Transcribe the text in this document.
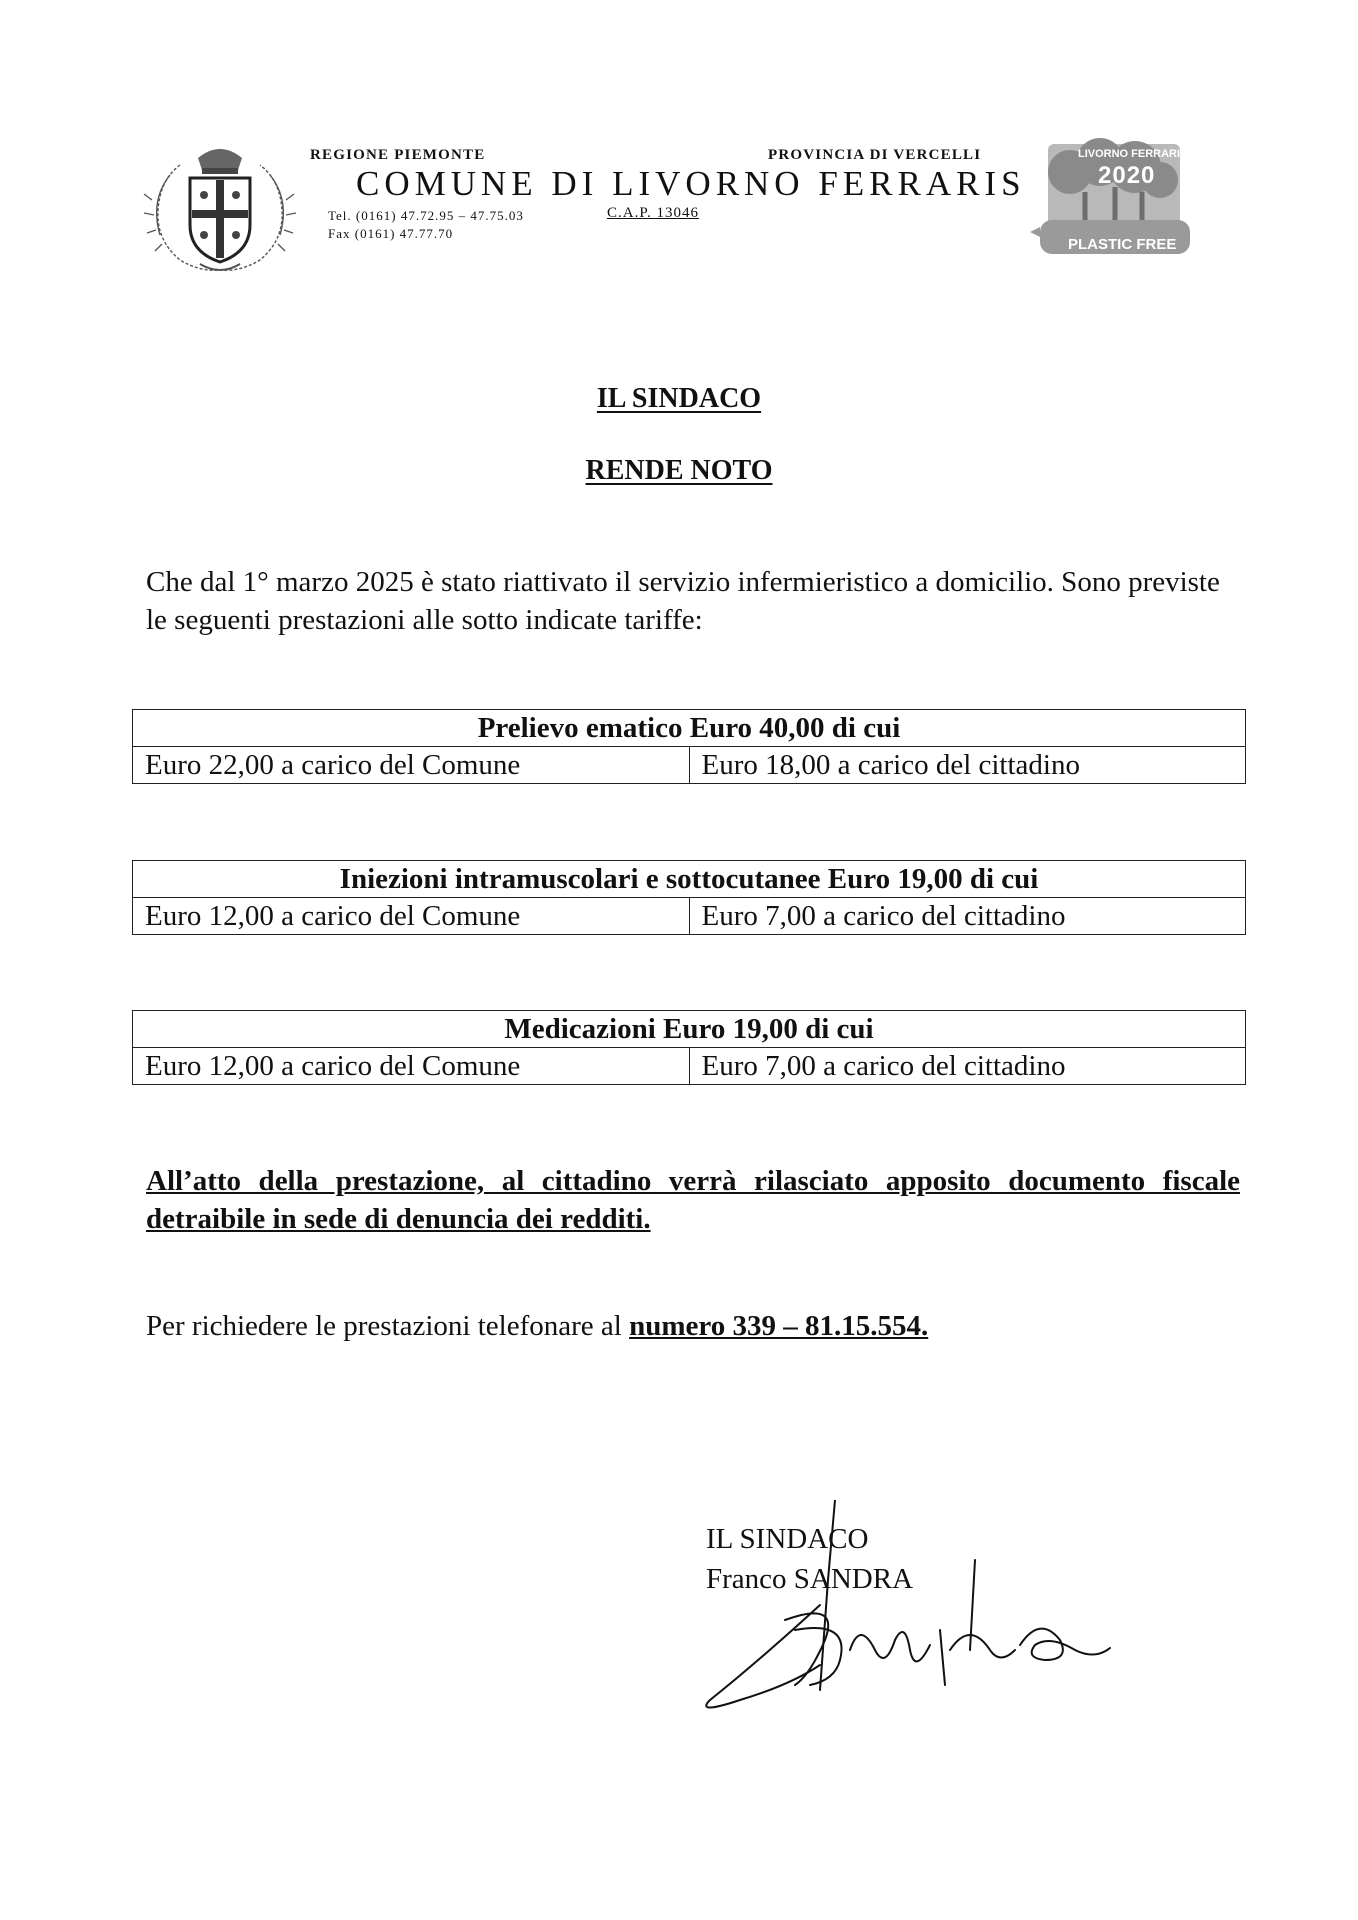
REGIONE PIEMONTE	PROVINCIA DI VERCELLI
COMUNE DI LIVORNO FERRARIS
Tel. (0161) 47.72.95 – 47.75.03	C.A.P. 13046
Fax (0161) 47.77.70
LIVORNO FERRARIS
2020
PLASTIC FREE
IL SINDACO
RENDE NOTO
Che dal 1° marzo 2025 è stato riattivato il servizio infermieristico a domicilio. Sono previste le seguenti prestazioni alle sotto indicate tariffe:
Prelievo ematico Euro 40,00 di cui
Euro 22,00 a carico del Comune	Euro 18,00 a carico del cittadino
Iniezioni intramuscolari e sottocutanee Euro 19,00 di cui
Euro 12,00 a carico del Comune	Euro 7,00 a carico del cittadino
Medicazioni Euro 19,00 di cui
Euro 12,00 a carico del Comune	Euro 7,00 a carico del cittadino
All’atto della prestazione, al cittadino verrà rilasciato apposito documento fiscale detraibile in sede di denuncia dei redditi.
Per richiedere le prestazioni telefonare al numero 339 – 81.15.554.
IL SINDACO
Franco SANDRA
